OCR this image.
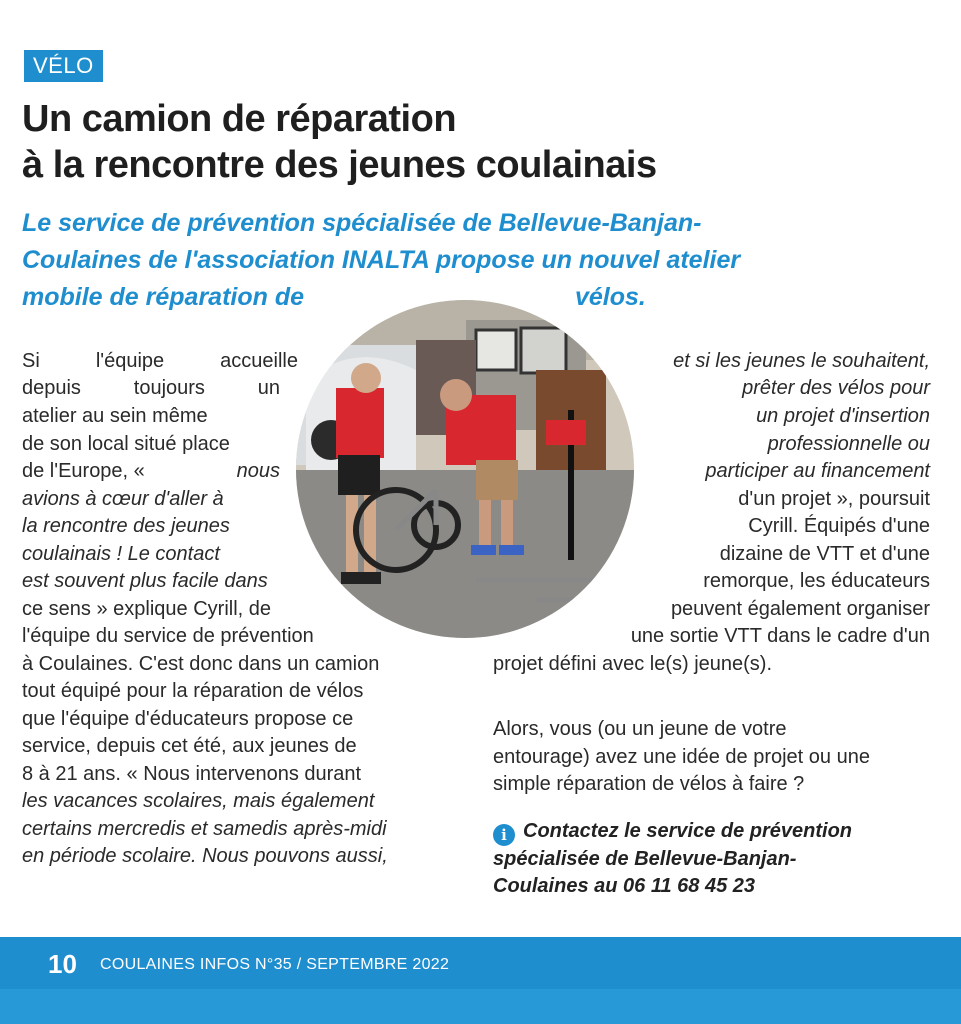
VÉLO
Un camion de réparation
à la rencontre des jeunes coulainais
Le service de prévention spécialisée de Bellevue-Banjan-
Coulaines de l'association INALTA propose un nouvel atelier
mobile de réparation de	vélos.
Si	l'équipe	accueille
depuis	toujours	un
atelier au sein même
de son local situé place
de l'Europe, «	nous
avions à cœur d'aller à
la rencontre des jeunes
coulainais ! Le contact
est souvent plus facile dans
ce sens » explique Cyrill, de
l'équipe du service de prévention
à Coulaines. C'est donc dans un camion
tout équipé pour la réparation de vélos
que l'équipe d'éducateurs propose ce
service, depuis cet été, aux jeunes de
8 à 21 ans. « Nous intervenons durant
les vacances scolaires, mais également
certains mercredis et samedis après-midi
en période scolaire. Nous pouvons aussi,
et si les jeunes le souhaitent,
prêter des vélos pour
un projet d'insertion
professionnelle ou
participer au financement
d'un projet », poursuit
Cyrill. Équipés d'une
dizaine de VTT et d'une
remorque, les éducateurs
peuvent également organiser
une sortie VTT dans le cadre d'un
projet défini avec le(s) jeune(s).
Alors, vous (ou un jeune de votre
entourage) avez une idée de projet ou une
simple réparation de vélos à faire ?
i Contactez le service de prévention
spécialisée de Bellevue-Banjan-
Coulaines au 06 11 68 45 23
10 COULAINES INFOS N°35 / SEPTEMBRE 2022
